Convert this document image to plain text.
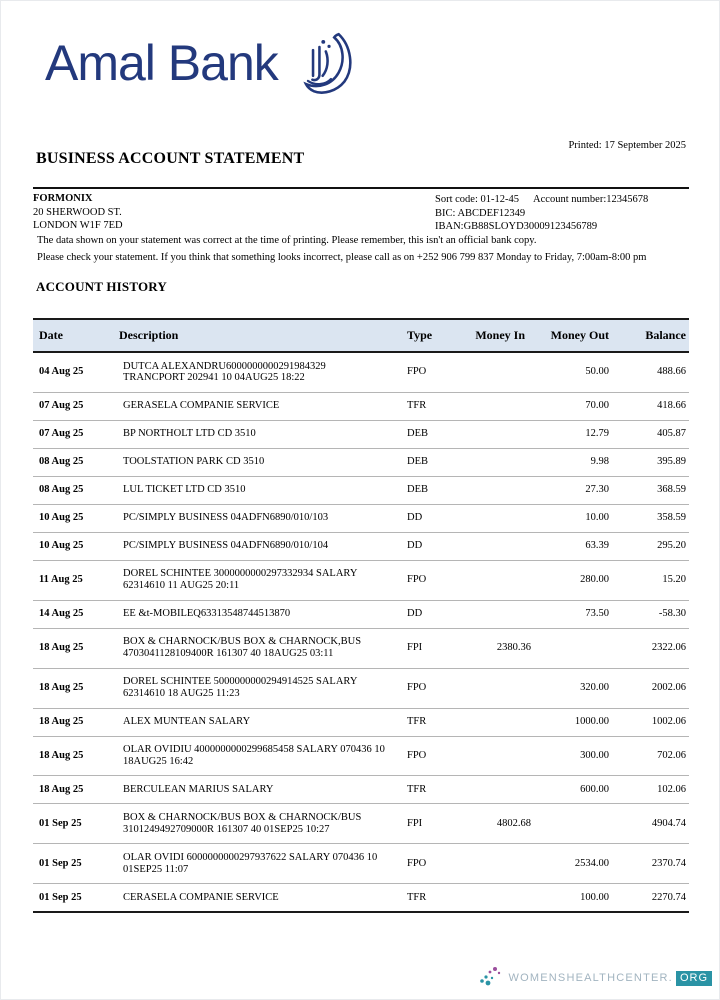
Amal Bank
Printed: 17 September 2025
BUSINESS ACCOUNT STATEMENT
FORMONIX
20 SHERWOOD ST.
LONDON W1F 7ED
Sort code: 01-12-45 Account number:12345678
BIC: ABCDEF12349 IBAN:GB88SLOYD30009123456789

The data shown on your statement was correct at the time of printing. Please remember, this isn't an official bank copy.
Please check your statement. If you think that something looks incorrect, please call as on +252 906 799 837 Monday to Friday, 7:00am-8:00 pm

ACCOUNT HISTORY
Date	Description	Type	Money In	Money Out	Balance
04 Aug 25	DUTCA ALEXANDRU6000000000291984329 TRANCPORT 202941 10 04AUG25 18:22	FPO		50.00	488.66
07 Aug 25	GERASELA COMPANIE SERVICE	TFR		70.00	418.66
07 Aug 25	BP NORTHOLT LTD CD 3510	DEB		12.79	405.87
08 Aug 25	TOOLSTATION PARK CD 3510	DEB		9.98	395.89
08 Aug 25	LUL TICKET LTD CD 3510	DEB		27.30	368.59
10 Aug 25	PC/SIMPLY BUSINESS 04ADFN6890/010/103	DD		10.00	358.59
10 Aug 25	PC/SIMPLY BUSINESS 04ADFN6890/010/104	DD		63.39	295.20
11 Aug 25	DOREL SCHINTEE 3000000000297332934 SALARY 62314610 11 AUG25 20:11	FPO		280.00	15.20
14 Aug 25	EE &t-MOBILEQ63313548744513870	DD		73.50	-58.30
18 Aug 25	BOX & CHARNOCK/BUS BOX & CHARNOCK,BUS 4703041128109400R 161307 40 18AUG25 03:11	FPI	2380.36		2322.06
18 Aug 25	DOREL SCHINTEE 5000000000294914525 SALARY 62314610 18 AUG25 11:23	FPO		320.00	2002.06
18 Aug 25	ALEX MUNTEAN SALARY	TFR		1000.00	1002.06
18 Aug 25	OLAR OVIDIU 4000000000299685458 SALARY 070436 10 18AUG25 16:42	FPO		300.00	702.06
18 Aug 25	BERCULEAN MARIUS SALARY	TFR		600.00	102.06
01 Sep 25	BOX & CHARNOCK/BUS BOX & CHARNOCK/BUS 3101249492709000R 161307 40 01SEP25 10:27	FPI	4802.68		4904.74
01 Sep 25	OLAR OVIDI 6000000000297937622 SALARY 070436 10 01SEP25 11:07	FPO		2534.00	2370.74
01 Sep 25	CERASELA COMPANIE SERVICE	TFR		100.00	2270.74
WOMENSHEALTHCENTER. ORG
